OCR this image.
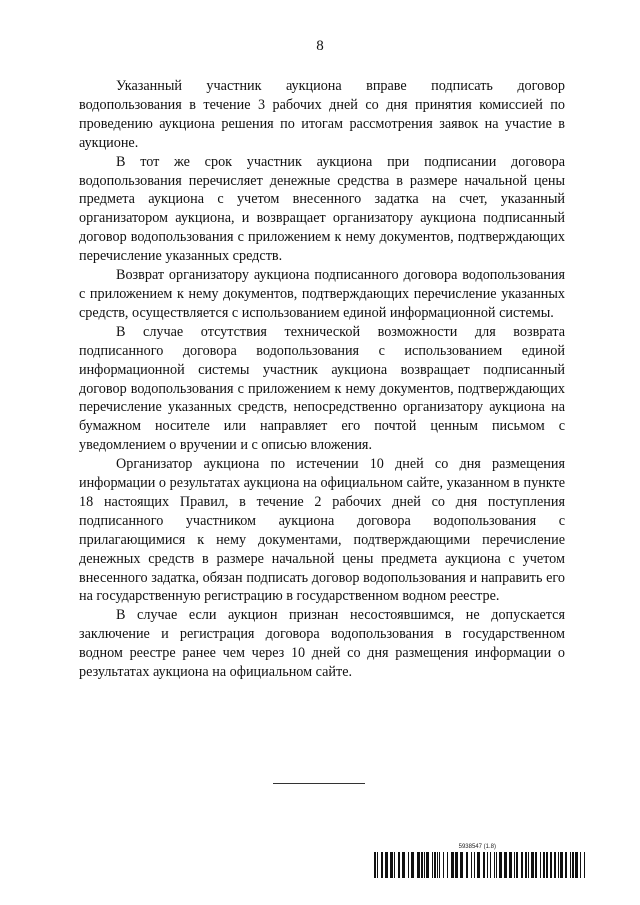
8

Указанный участник аукциона вправе подписать договор водопользования в течение 3 рабочих дней со дня принятия комиссией по проведению аукциона решения по итогам рассмотрения заявок на участие в аукционе.

В тот же срок участник аукциона при подписании договора водопользования перечисляет денежные средства в размере начальной цены предмета аукциона с учетом внесенного задатка на счет, указанный организатором аукциона, и возвращает организатору аукциона подписанный договор водопользования с приложением к нему документов, подтверждающих перечисление указанных средств.

Возврат организатору аукциона подписанного договора водопользования с приложением к нему документов, подтверждающих перечисление указанных средств, осуществляется с использованием единой информационной системы.

В случае отсутствия технической возможности для возврата подписанного договора водопользования с использованием единой информационной системы участник аукциона возвращает подписанный договор водопользования с приложением к нему документов, подтверждающих перечисление указанных средств, непосредственно организатору аукциона на бумажном носителе или направляет его почтой ценным письмом с уведомлением о вручении и с описью вложения.

Организатор аукциона по истечении 10 дней со дня размещения информации о результатах аукциона на официальном сайте, указанном в пункте 18 настоящих Правил, в течение 2 рабочих дней со дня поступления подписанного участником аукциона договора водопользования с прилагающимися к нему документами, подтверждающими перечисление денежных средств в размере начальной цены предмета аукциона с учетом внесенного задатка, обязан подписать договор водопользования и направить его на государственную регистрацию в государственном водном реестре.

В случае если аукцион признан несостоявшимся, не допускается заключение и регистрация договора водопользования в государственном водном реестре ранее чем через 10 дней со дня размещения информации о результатах аукциона на официальном сайте.

5938547 (1.8)
